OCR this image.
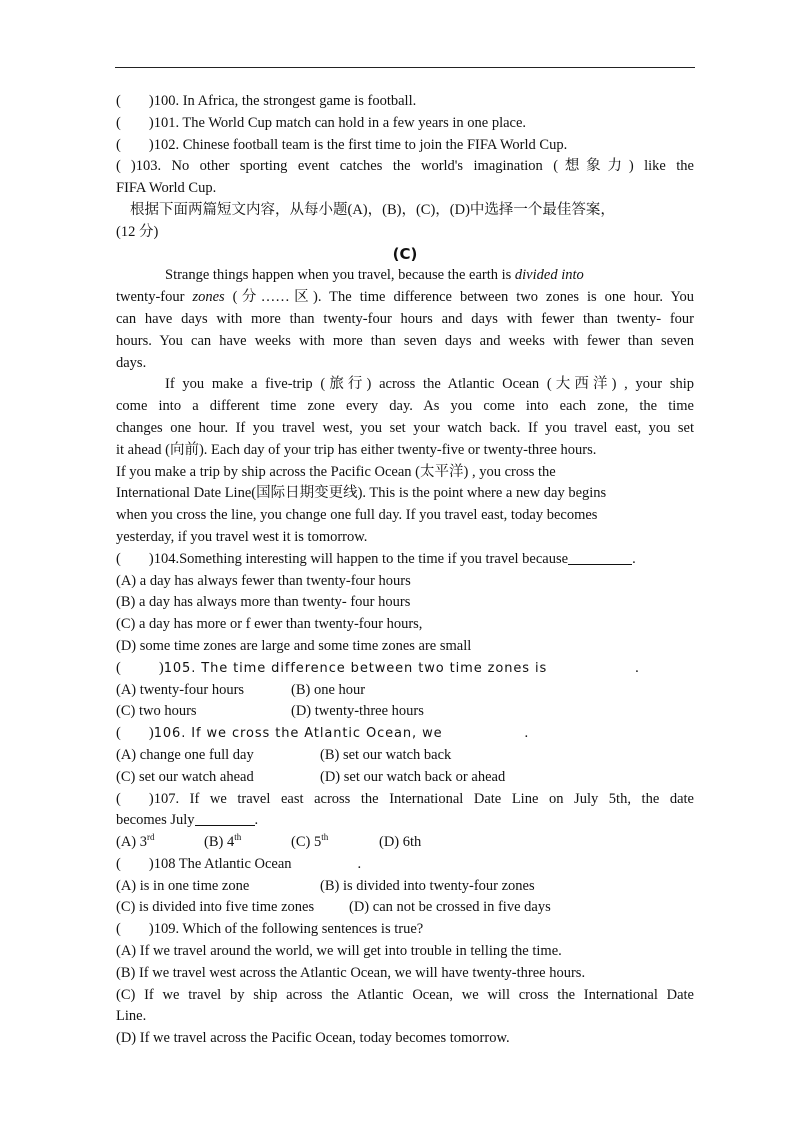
( )100. In Africa, the strongest game is football.
( )101. The World Cup match can hold in a few years in one place.
( )102. Chinese football team is the first time to join the FIFA World Cup.
( )103. No other sporting event catches the world's imagination (想象力) like the
FIFA World Cup.
根据下面两篇短文内容，从每小题(A)，(B)，(C)，(D)中选择一个最佳答案，
(12 分)
(C)
Strange things happen when you travel, because the earth is divided into
twenty-four zones (分……区). The time difference between two zones is one hour. You
can have days with more than twenty-four hours and days with fewer than twenty- four
hours. You can have weeks with more than seven days and weeks with fewer than seven
days.
If you make a five-trip (旅行) across the Atlantic Ocean (大西洋) , your ship
come into a different time zone every day. As you come into each zone, the time
changes one hour. If you travel west, you set your watch back. If you travel east, you set
it ahead (向前). Each day of your trip has either twenty-five or twenty-three hours.
If you make a trip by ship across the Pacific Ocean (太平洋) , you cross the
International Date Line(国际日期变更线). This is the point where a new day begins
when you cross the line, you change one full day. If you travel east, today becomes
yesterday, if you travel west it is tomorrow.
( )104.Something interesting will happen to the time if you travel because	.
(A) a day has always fewer than twenty-four hours
(B) a day has always more than twenty- four hours
(C) a day has more or f ewer than twenty-four hours,
(D) some time zones are large and some time zones are small
(	)105. The time difference between two time zones is	.
(A) twenty-four hours	(B) one hour
(C) two hours	(D) twenty-three hours
( )106. If we cross the Atlantic Ocean, we	.
(A) change one full day	(B) set our watch back
(C) set our watch ahead	(D) set our watch back or ahead
( )107. If we travel east across the International Date Line on July 5th, the date
becomes July	.
(A) 3rd	(B) 4th	(C) 5th	(D) 6th
( )108 The Atlantic Ocean	.
(A) is in one time zone	(B) is divided into twenty-four zones
(C) is divided into five time zones (D) can not be crossed in five days
( )109. Which of the following sentences is true?
(A) If we travel around the world, we will get into trouble in telling the time.
(B) If we travel west across the Atlantic Ocean, we will have twenty-three hours.
(C) If we travel by ship across the Atlantic Ocean, we will cross the International Date
Line.
(D) If we travel across the Pacific Ocean, today becomes tomorrow.
